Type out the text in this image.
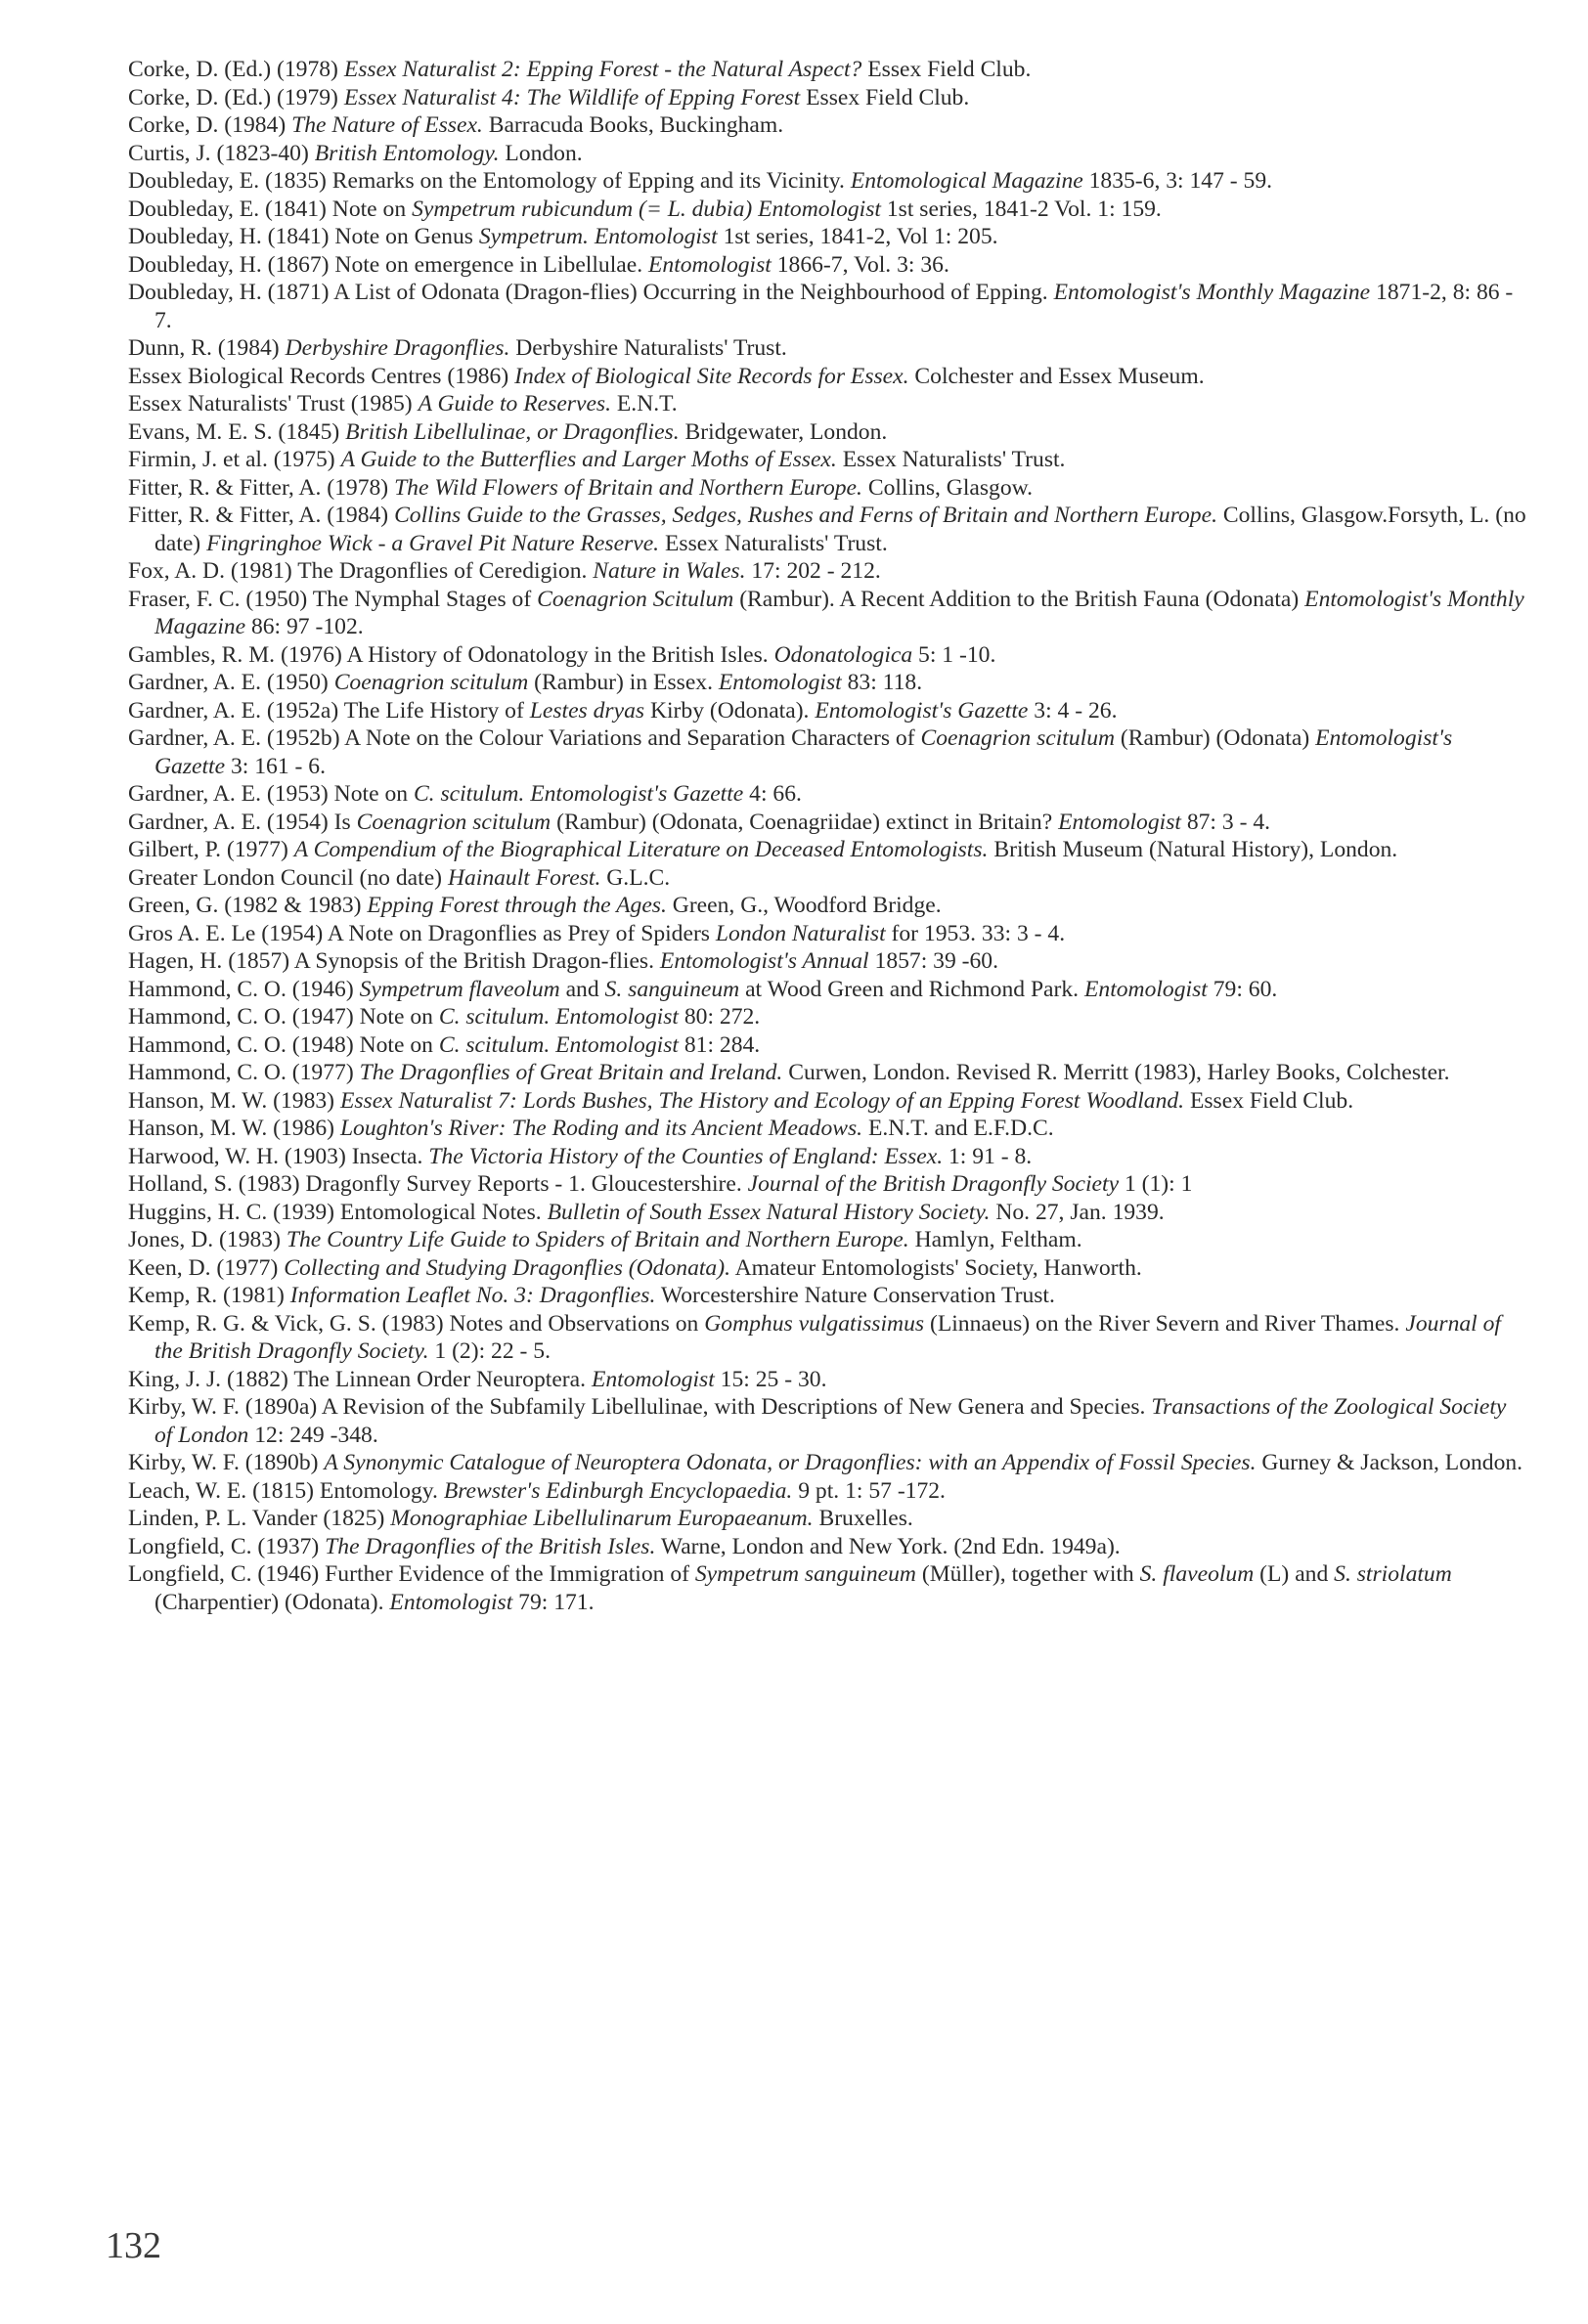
Corke, D. (Ed.) (1978) Essex Naturalist 2: Epping Forest - the Natural Aspect? Essex Field Club.

Corke, D. (Ed.) (1979) Essex Naturalist 4: The Wildlife of Epping Forest Essex Field Club.

Corke, D. (1984) The Nature of Essex. Barracuda Books, Buckingham.

Curtis, J. (1823-40) British Entomology. London.

Doubleday, E. (1835) Remarks on the Entomology of Epping and its Vicinity. Entomological Magazine 1835-6, 3: 147 - 59.

Doubleday, E. (1841) Note on Sympetrum rubicundum (= L. dubia) Entomologist 1st series, 1841-2 Vol. 1: 159.

Doubleday, H. (1841) Note on Genus Sympetrum. Entomologist 1st series, 1841-2, Vol 1: 205.

Doubleday, H. (1867) Note on emergence in Libellulae. Entomologist 1866-7, Vol. 3: 36.

Doubleday, H. (1871) A List of Odonata (Dragon-flies) Occurring in the Neighbourhood of Epping. Entomologist's Monthly Magazine 1871-2, 8: 86 - 7.

Dunn, R. (1984) Derbyshire Dragonflies. Derbyshire Naturalists' Trust.

Essex Biological Records Centres (1986) Index of Biological Site Records for Essex. Colchester and Essex Museum.

Essex Naturalists' Trust (1985) A Guide to Reserves. E.N.T.

Evans, M. E. S. (1845) British Libellulinae, or Dragonflies. Bridgewater, London.

Firmin, J. et al. (1975) A Guide to the Butterflies and Larger Moths of Essex. Essex Naturalists' Trust.

Fitter, R. & Fitter, A. (1978) The Wild Flowers of Britain and Northern Europe. Collins, Glasgow.

Fitter, R. & Fitter, A. (1984) Collins Guide to the Grasses, Sedges, Rushes and Ferns of Britain and Northern Europe. Collins, Glasgow.Forsyth, L. (no date) Fingringhoe Wick - a Gravel Pit Nature Reserve. Essex Naturalists' Trust.

Fox, A. D. (1981) The Dragonflies of Ceredigion. Nature in Wales. 17: 202 - 212.

Fraser, F. C. (1950) The Nymphal Stages of Coenagrion Scitulum (Rambur). A Recent Addition to the British Fauna (Odonata) Entomologist's Monthly Magazine 86: 97 -102.

Gambles, R. M. (1976) A History of Odonatology in the British Isles. Odonatologica 5: 1 -10.

Gardner, A. E. (1950) Coenagrion scitulum (Rambur) in Essex. Entomologist 83: 118.

Gardner, A. E. (1952a) The Life History of Lestes dryas Kirby (Odonata). Entomologist's Gazette 3: 4 - 26.

Gardner, A. E. (1952b) A Note on the Colour Variations and Separation Characters of Coenagrion scitulum (Rambur) (Odonata) Entomologist's Gazette 3: 161 - 6.

Gardner, A. E. (1953) Note on C. scitulum. Entomologist's Gazette 4: 66.

Gardner, A. E. (1954) Is Coenagrion scitulum (Rambur) (Odonata, Coenagriidae) extinct in Britain? Entomologist 87: 3 - 4.

Gilbert, P. (1977) A Compendium of the Biographical Literature on Deceased Entomologists. British Museum (Natural History), London.

Greater London Council (no date) Hainault Forest. G.L.C.

Green, G. (1982 & 1983) Epping Forest through the Ages. Green, G., Woodford Bridge.

Gros A. E. Le (1954) A Note on Dragonflies as Prey of Spiders London Naturalist for 1953. 33: 3 - 4.

Hagen, H. (1857) A Synopsis of the British Dragon-flies. Entomologist's Annual 1857: 39 -60.

Hammond, C. O. (1946) Sympetrum flaveolum and S. sanguineum at Wood Green and Richmond Park. Entomologist 79: 60.

Hammond, C. O. (1947) Note on C. scitulum. Entomologist 80: 272.

Hammond, C. O. (1948) Note on C. scitulum. Entomologist 81: 284.

Hammond, C. O. (1977) The Dragonflies of Great Britain and Ireland. Curwen, London. Revised R. Merritt (1983), Harley Books, Colchester.

Hanson, M. W. (1983) Essex Naturalist 7: Lords Bushes, The History and Ecology of an Epping Forest Woodland. Essex Field Club.

Hanson, M. W. (1986) Loughton's River: The Roding and its Ancient Meadows. E.N.T. and E.F.D.C.

Harwood, W. H. (1903) Insecta. The Victoria History of the Counties of England: Essex. 1: 91 - 8.

Holland, S. (1983) Dragonfly Survey Reports - 1. Gloucestershire. Journal of the British Dragonfly Society 1 (1): 1

Huggins, H. C. (1939) Entomological Notes. Bulletin of South Essex Natural History Society. No. 27, Jan. 1939.

Jones, D. (1983) The Country Life Guide to Spiders of Britain and Northern Europe. Hamlyn, Feltham.

Keen, D. (1977) Collecting and Studying Dragonflies (Odonata). Amateur Entomologists' Society, Hanworth.

Kemp, R. (1981) Information Leaflet No. 3: Dragonflies. Worcestershire Nature Conservation Trust.

Kemp, R. G. & Vick, G. S. (1983) Notes and Observations on Gomphus vulgatissimus (Linnaeus) on the River Severn and River Thames. Journal of the British Dragonfly Society. 1 (2): 22 - 5.

King, J. J. (1882) The Linnean Order Neuroptera. Entomologist 15: 25 - 30.

Kirby, W. F. (1890a) A Revision of the Subfamily Libellulinae, with Descriptions of New Genera and Species. Transactions of the Zoological Society of London 12: 249 -348.

Kirby, W. F. (1890b) A Synonymic Catalogue of Neuroptera Odonata, or Dragonflies: with an Appendix of Fossil Species. Gurney & Jackson, London.

Leach, W. E. (1815) Entomology. Brewster's Edinburgh Encyclopaedia. 9 pt. 1: 57 -172.

Linden, P. L. Vander (1825) Monographiae Libellulinarum Europaeanum. Bruxelles.

Longfield, C. (1937) The Dragonflies of the British Isles. Warne, London and New York. (2nd Edn. 1949a).

Longfield, C. (1946) Further Evidence of the Immigration of Sympetrum sanguineum (Müller), together with S. flaveolum (L) and S. striolatum (Charpentier) (Odonata). Entomologist 79: 171.

132
